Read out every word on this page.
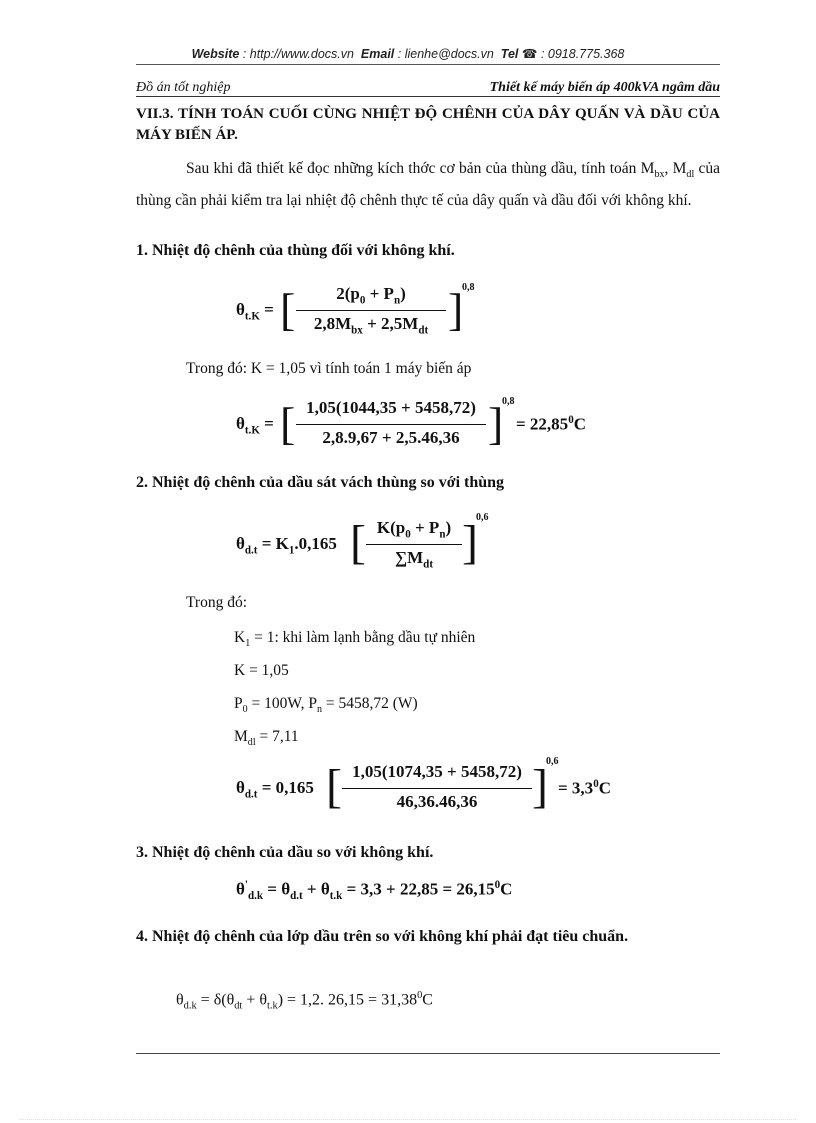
Website : http://www.docs.vn Email : lienhe@docs.vn Tel ☎ : 0918.775.368
Đồ án tốt nghiệp	Thiết kế máy biến áp 400kVA ngâm dầu
VII.3. TÍNH TOÁN CUỐI CÙNG NHIỆT ĐỘ CHÊNH CỦA DÂY QUẤN VÀ DẦU CỦA MÁY BIẾN ÁP.
Sau khi đã thiết kế đọc những kích thớc cơ bản của thùng dầu, tính toán $M_{bx}$, $M_{dl}$ của thùng cần phải kiểm tra lại nhiệt độ chênh thực tế của dây quấn và dầu đối với không khí.
1. Nhiệt độ chênh của thùng đối với không khí.
$\theta_{t.K}$ = [	$2(p_0 + P_n)$
$2,8M_{bx} + 2,5M_{dt}$ ]
0,8
Trong đó: K = 1,05 vì tính toán 1 máy biến áp
$\theta_{t.K}$ = [ 1,05(1044,35 + 5458,72)
2,8.9,67 + 2,5.46,36 ]
0,8
= $22,85^0C$
2. Nhiệt độ chênh của dầu sát vách thùng so với thùng
$\theta_{d.t} = K_1.0,165$ [ $K(p_0 + P_n)$
$\sum M_{dt}$ ]
0,6
Trong đó:
$K_1 = 1$: khi làm lạnh bằng dầu tự nhiên
K = 1,05
$P_0 = 100W$, $P_n = 5458,72$ (W)
$M_{dl} = 7,11$
$\theta_{d.t} = 0,165$ [ 1,05(1074,35 + 5458,72)
46,36.46,36	]
0,6
= $3,3^0C$
3. Nhiệt độ chênh của dầu so với không khí.
$\theta'_{d.k} = \theta_{d.t} + \theta_{t.k} = 3,3 + 22,85 = 26,15^0C$
4. Nhiệt độ chênh của lớp dầu trên so với không khí phải đạt tiêu chuẩn.
$\theta_{d.k} = \delta(\theta_{dt} + \theta_{t.k}) = 1,2$. $26,15 = 31,38^0C$
